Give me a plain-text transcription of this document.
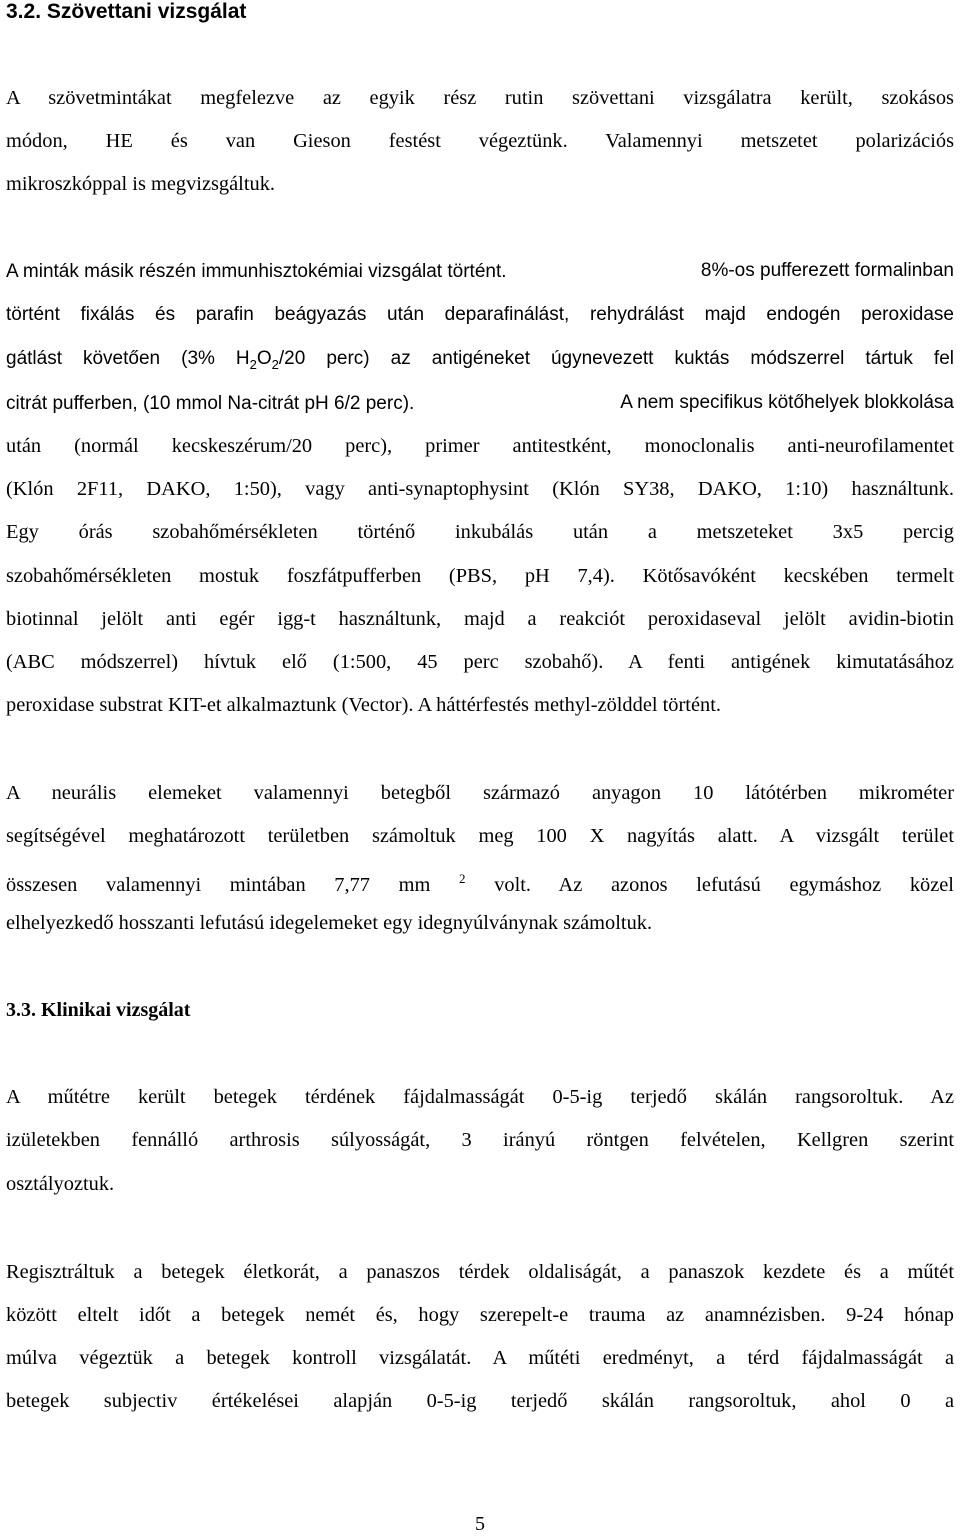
3.2. Szövettani vizsgálat
A szövetmintákat megfelezve az egyik rész rutin szövettani vizsgálatra került, szokásos
módon, HE és van Gieson festést végeztünk. Valamennyi metszetet polarizációs
mikroszkóppal is megvizsgáltuk.
A minták másik részén immunhisztokémiai vizsgálat történt.	8%-os pufferezett formalinban
történt fixálás és parafin beágyazás után deparafinálást, rehydrálást majd endogén peroxidase
gátlást követően (3% $H_2O_2/20$ perc) az antigéneket úgynevezett kuktás módszerrel tártuk fel
citrát pufferben, (10 mmol Na-citrát pH 6/2 perc).	A nem specifikus kötőhelyek blokkolása
után (normál kecskeszérum/20 perc), primer antitestként, monoclonalis anti-neurofilamentet
(Klón 2F11, DAKO, 1:50), vagy anti-synaptophysint (Klón SY38, DAKO, 1:10) használtunk.
Egy órás szobahőmérsékleten történő inkubálás után a metszeteket 3x5 percig
szobahőmérsékleten mostuk foszfátpufferben (PBS, pH 7,4). Kötősavóként kecskében termelt
biotinnal jelölt anti egér igg-t használtunk, majd a reakciót peroxidaseval jelölt avidin-biotin
(ABC módszerrel) hívtuk elő (1:500, 45 perc szobahő). A fenti antigének kimutatásához
peroxidase substrat KIT-et alkalmaztunk (Vector). A háttérfestés methyl-zölddel történt.
A neurális elemeket valamennyi betegből származó anyagon 10 látótérben mikrométer
segítségével meghatározott területben számoltuk meg 100 X nagyítás alatt. A vizsgált terület
összesen valamennyi mintában 7,77 mm $^2$ volt. Az azonos lefutású egymáshoz közel
elhelyezkedő hosszanti lefutású idegelemeket egy idegnyúlványnak számoltuk.
3.3. Klinikai vizsgálat
A műtétre került betegek térdének fájdalmasságát 0-5-ig terjedő skálán rangsoroltuk. Az
izületekben fennálló arthrosis súlyosságát, 3 irányú röntgen felvételen, Kellgren szerint
osztályoztuk.
Regisztráltuk a betegek életkorát, a panaszos térdek oldaliságát, a panaszok kezdete és a műtét
között eltelt időt a betegek nemét és, hogy szerepelt-e trauma az anamnézisben. 9-24 hónap
múlva végeztük a betegek kontroll vizsgálatát. A műtéti eredményt, a térd fájdalmasságát a
betegek subjectiv értékelései alapján 0-5-ig terjedő skálán rangsoroltuk, ahol 0 a
5
